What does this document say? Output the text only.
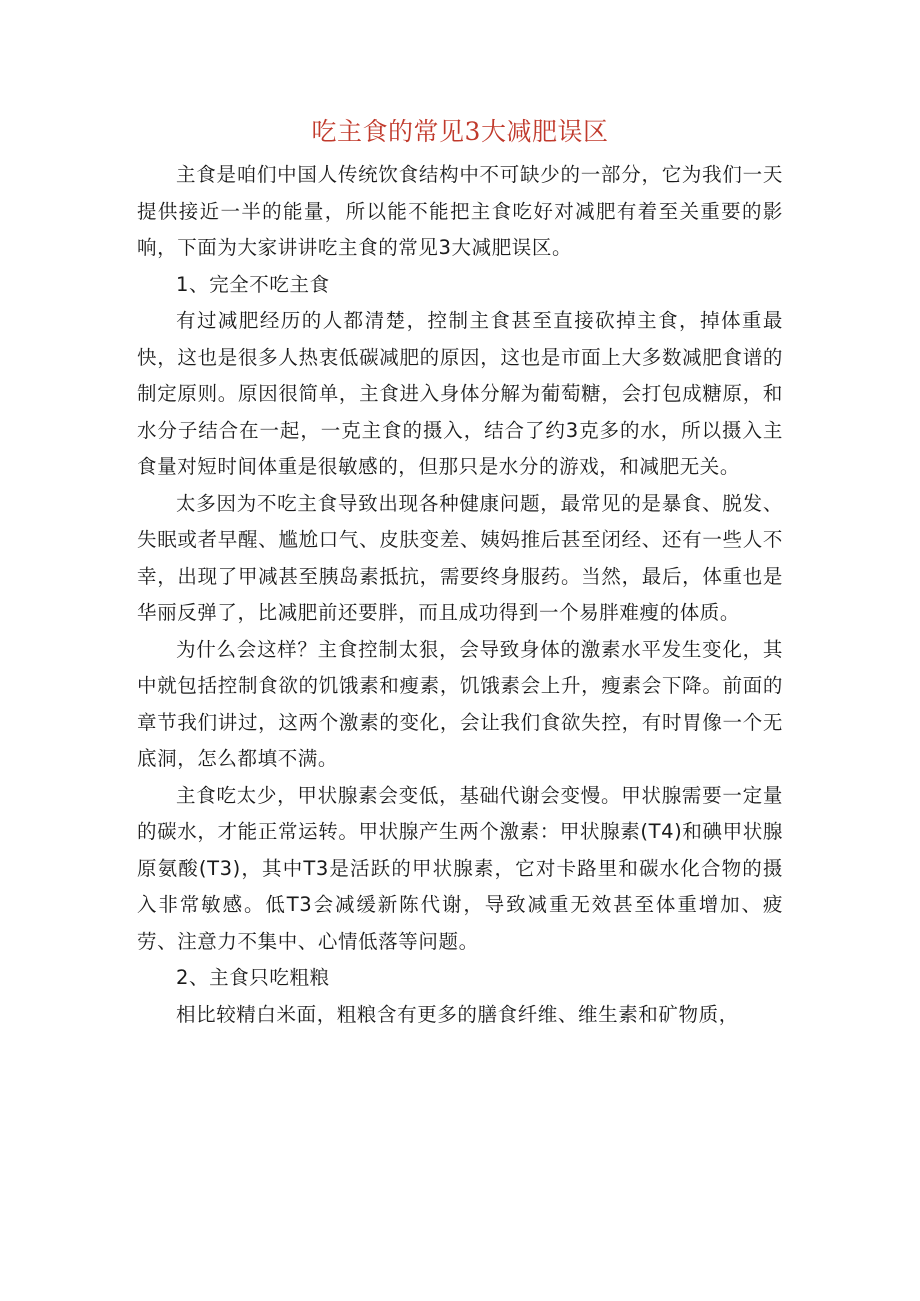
吃主食的常见3大减肥误区

主食是咱们中国人传统饮食结构中不可缺少的一部分，它为我们一天提供接近一半的能量，所以能不能把主食吃好对减肥有着至关重要的影响，下面为大家讲讲吃主食的常见3大减肥误区。

1、完全不吃主食

有过减肥经历的人都清楚，控制主食甚至直接砍掉主食，掉体重最快，这也是很多人热衷低碳减肥的原因，这也是市面上大多数减肥食谱的制定原则。原因很简单，主食进入身体分解为葡萄糖，会打包成糖原，和水分子结合在一起，一克主食的摄入，结合了约3克多的水，所以摄入主食量对短时间体重是很敏感的，但那只是水分的游戏，和减肥无关。

太多因为不吃主食导致出现各种健康问题，最常见的是暴食、脱发、失眠或者早醒、尴尬口气、皮肤变差、姨妈推后甚至闭经、还有一些人不幸，出现了甲减甚至胰岛素抵抗，需要终身服药。当然，最后，体重也是华丽反弹了，比减肥前还要胖，而且成功得到一个易胖难瘦的体质。

为什么会这样？主食控制太狠，会导致身体的激素水平发生变化，其中就包括控制食欲的饥饿素和瘦素，饥饿素会上升，瘦素会下降。前面的章节我们讲过，这两个激素的变化，会让我们食欲失控，有时胃像一个无底洞，怎么都填不满。

主食吃太少，甲状腺素会变低，基础代谢会变慢。甲状腺需要一定量的碳水，才能正常运转。甲状腺产生两个激素：甲状腺素(T4)和碘甲状腺原氨酸(T3)，其中T3是活跃的甲状腺素，它对卡路里和碳水化合物的摄入非常敏感。低T3会减缓新陈代谢，导致减重无效甚至体重增加、疲劳、注意力不集中、心情低落等问题。

2、主食只吃粗粮

相比较精白米面，粗粮含有更多的膳食纤维、维生素和矿物质，
